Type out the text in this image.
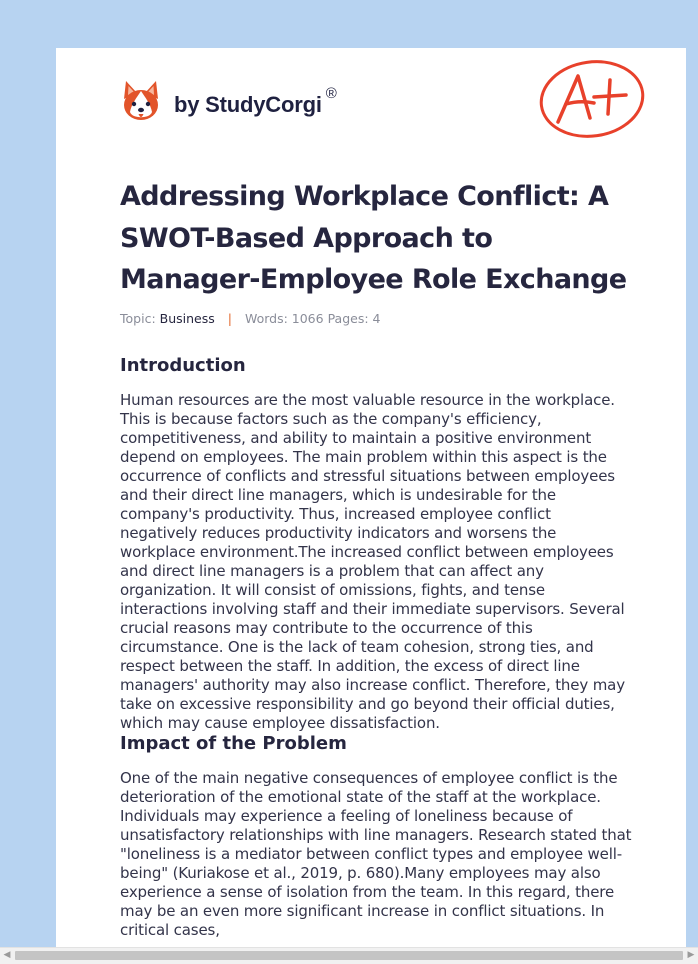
by StudyCorgi ®
Addressing Workplace Conflict: A SWOT-Based Approach to Manager-Employee Role Exchange
Topic: Business | Words: 1066 Pages: 4
Introduction

Human resources are the most valuable resource in the workplace. This is because factors such as the company's efficiency, competitiveness, and ability to maintain a positive environment depend on employees. The main problem within this aspect is the occurrence of conflicts and stressful situations between employees and their direct line managers, which is undesirable for the company's productivity. Thus, increased employee conflict negatively reduces productivity indicators and worsens the workplace environment.The increased conflict between employees and direct line managers is a problem that can affect any organization. It will consist of omissions, fights, and tense interactions involving staff and their immediate supervisors. Several crucial reasons may contribute to the occurrence of this circumstance. One is the lack of team cohesion, strong ties, and respect between the staff. In addition, the excess of direct line managers' authority may also increase conflict. Therefore, they may take on excessive responsibility and go beyond their official duties, which may cause employee dissatisfaction.

Impact of the Problem

One of the main negative consequences of employee conflict is the deterioration of the emotional state of the staff at the workplace. Individuals may experience a feeling of loneliness because of unsatisfactory relationships with line managers. Research stated that "loneliness is a mediator between conflict types and employee well-being" (Kuriakose et al., 2019, p. 680).Many employees may also experience a sense of isolation from the team. In this regard, there may be an even more significant increase in conflict situations. In critical cases,

◀	▶
